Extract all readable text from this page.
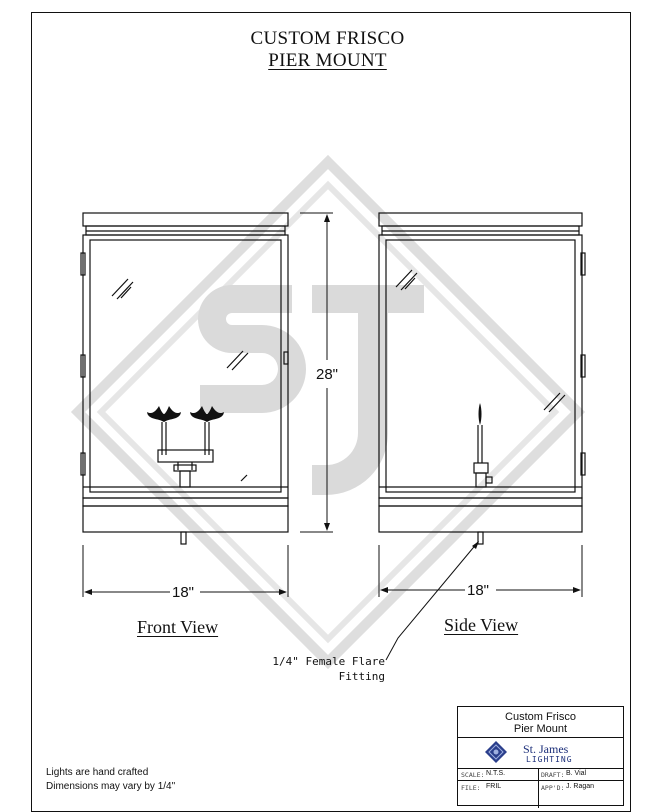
CUSTOM FRISCO
PIER MOUNT
28"
18"	18"
Front View	Side View
1/4" Female Flare
Fitting
Lights are hand crafted
Dimensions may vary by 1/4"
Custom Frisco
Pier Mount
St. James
LIGHTING
SCALE: N.T.S.	DRAFT: B. Vial
FILE: FRIL	APP'D: J. Ragan
